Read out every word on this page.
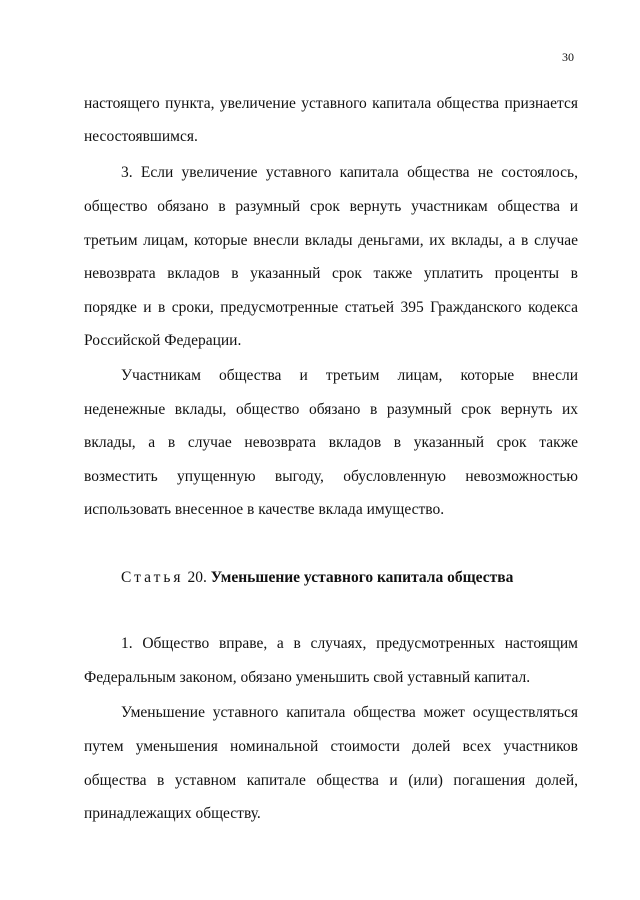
30
настоящего пункта, увеличение уставного капитала общества признается
несостоявшимся.
3. Если увеличение уставного капитала общества не состоялось,
общество обязано в разумный срок вернуть участникам общества и
третьим лицам, которые внесли вклады деньгами, их вклады, а в случае
невозврата вкладов в указанный срок также уплатить проценты в
порядке и в сроки, предусмотренные статьей 395 Гражданского кодекса
Российской Федерации.
Участникам общества и третьим лицам, которые внесли
неденежные вклады, общество обязано в разумный срок вернуть их
вклады, а в случае невозврата вкладов в указанный срок также
возместить упущенную выгоду, обусловленную невозможностью
использовать внесенное в качестве вклада имущество.
Статья 20. Уменьшение уставного капитала общества
1. Общество вправе, а в случаях, предусмотренных настоящим
Федеральным законом, обязано уменьшить свой уставный капитал.
Уменьшение уставного капитала общества может осуществляться
путем уменьшения номинальной стоимости долей всех участников
общества в уставном капитале общества и (или) погашения долей,
принадлежащих обществу.
